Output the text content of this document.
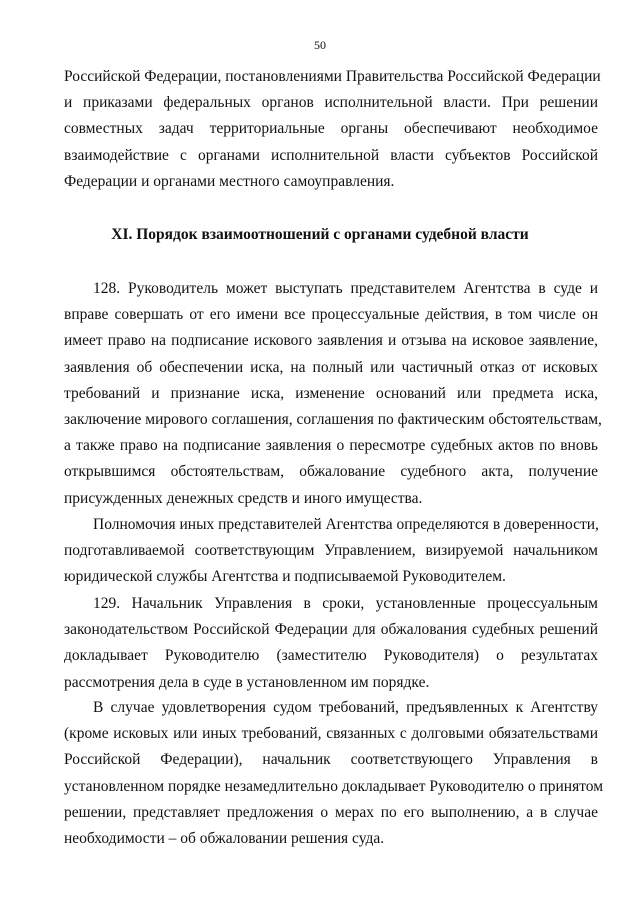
50
Российской Федерации, постановлениями Правительства Российской Федерации
и приказами федеральных органов исполнительной власти. При решении
совместных задач территориальные органы обеспечивают необходимое
взаимодействие с органами исполнительной власти субъектов Российской
Федерации и органами местного самоуправления.
XI. Порядок взаимоотношений с органами судебной власти
128. Руководитель может выступать представителем Агентства в суде и
вправе совершать от его имени все процессуальные действия, в том числе он
имеет право на подписание искового заявления и отзыва на исковое заявление,
заявления об обеспечении иска, на полный или частичный отказ от исковых
требований и признание иска, изменение оснований или предмета иска,
заключение мирового соглашения, соглашения по фактическим обстоятельствам,
а также право на подписание заявления о пересмотре судебных актов по вновь
открывшимся обстоятельствам, обжалование судебного акта, получение
присужденных денежных средств и иного имущества.
Полномочия иных представителей Агентства определяются в доверенности,
подготавливаемой соответствующим Управлением, визируемой начальником
юридической службы Агентства и подписываемой Руководителем.
129. Начальник Управления в сроки, установленные процессуальным
законодательством Российской Федерации для обжалования судебных решений
докладывает Руководителю (заместителю Руководителя) о результатах
рассмотрения дела в суде в установленном им порядке.
В случае удовлетворения судом требований, предъявленных к Агентству
(кроме исковых или иных требований, связанных с долговыми обязательствами
Российской Федерации), начальник соответствующего Управления в
установленном порядке незамедлительно докладывает Руководителю о принятом
решении, представляет предложения о мерах по его выполнению, а в случае
необходимости – об обжаловании решения суда.
